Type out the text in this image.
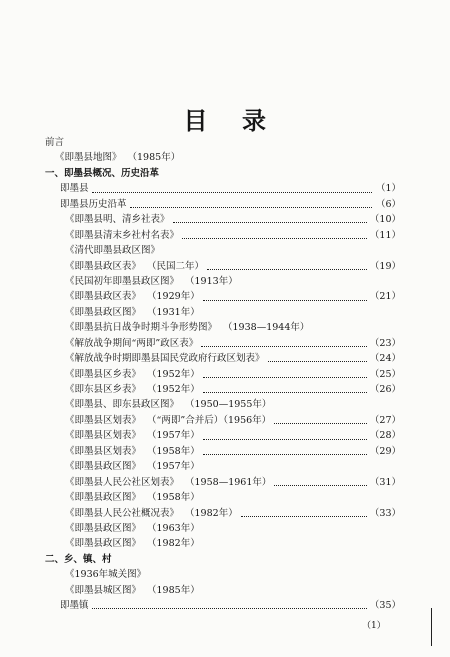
目 录
前言
《即墨县地图》 （1985年）
一、即墨县概况、历史沿革
即墨县	（1）
即墨县历史沿革	（6）
《即墨县明、清乡社表》	（10）
《即墨县清末乡社村名表》	（11）
《清代即墨县政区图》
《即墨县政区表》 （民国二年）	（19）
《民国初年即墨县政区图》 （1913年）
《即墨县政区表》 （1929年）	（21）
《即墨县政区图》 （1931年）
《即墨县抗日战争时期斗争形势图》 （1938—1944年）
《解放战争期间“两即”政区表》	（23）
《解放战争时期即墨县国民党政府行政区划表》	（24）
《即墨县区乡表》 （1952年）	（25）
《即东县区乡表》 （1952年）	（26）
《即墨县、即东县政区图》 （1950—1955年）
《即墨县区划表》 （“两即”合并后）（1956年）	（27）
《即墨县区划表》 （1957年）	（28）
《即墨县区划表》 （1958年）	（29）
《即墨县政区图》 （1957年）
《即墨县人民公社区划表》 （1958—1961年）	（31）
《即墨县政区图》 （1958年）
《即墨县人民公社概况表》 （1982年）	（33）
《即墨县政区图》 （1963年）
《即墨县政区图》 （1982年）
二、乡、镇、村
《1936年城关图》
《即墨县城区图》 （1985年）
即墨镇	（35）
（1）
